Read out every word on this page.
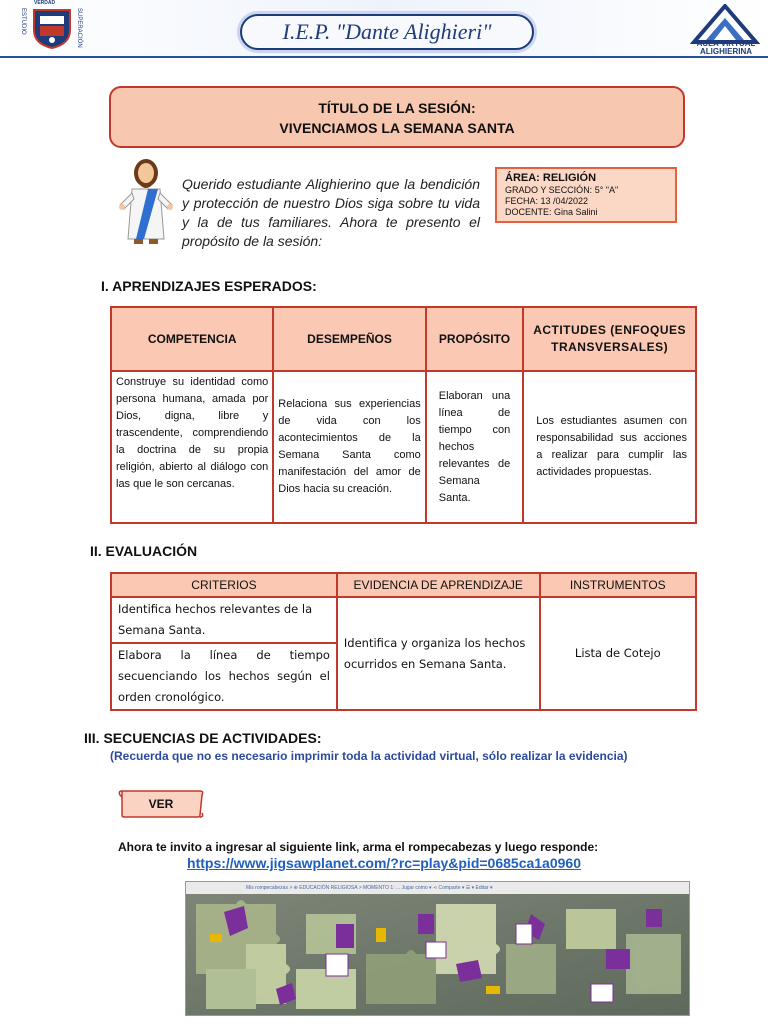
ESTUDIO	SUPERACIÓN
VERDAD
I.E.P. "Dante Alighieri"	AULA VIRTUAL
ALIGHIERINA
TÍTULO DE LA SESIÓN:
VIVENCIAMOS LA SEMANA SANTA
Querido estudiante Alighierino que la bendición y protección de nuestro Dios siga sobre tu vida y la de tus familiares. Ahora te presento el propósito de la sesión:
ÁREA: RELIGIÓN
GRADO Y SECCIÓN: 5° "A"
FECHA: 13 /04/2022
DOCENTE: Gina Salini
I. APRENDIZAJES ESPERADOS:
COMPETENCIA	DESEMPEÑOS	PROPÓSITO	ACTITUDES (ENFOQUES TRANSVERSALES)
Construye su identidad como persona humana, amada por Dios, digna, libre y trascendente, comprendiendo la doctrina de su propia religión, abierto al diálogo con las que le son cercanas.	Relaciona sus experiencias de vida con los acontecimientos de la Semana Santa como manifestación del amor de Dios hacia su creación.	Elaboran una línea de tiempo con hechos relevantes de Semana Santa.	Los estudiantes asumen con responsabilidad sus acciones a realizar para cumplir las actividades propuestas.
II. EVALUACIÓN
CRITERIOS	EVIDENCIA DE APRENDIZAJE	INSTRUMENTOS
Identifica hechos relevantes de la Semana Santa.	Identifica y organiza los hechos ocurridos en Semana Santa.	Lista de Cotejo
Elabora la línea de tiempo secuenciando los hechos según el orden cronológico.		
III. SECUENCIAS DE ACTIVIDADES:
(Recuerda que no es necesario imprimir toda la actividad virtual, sólo realizar la evidencia)
VER
Ahora te invito a ingresar al siguiente link, arma el rompecabezas y luego responde:
https://www.jigsawplanet.com/?rc=play&pid=0685ca1a0960
Mis rompecabezas > ⊕ EDUCACIÓN RELIGIOSA > MOMENTO 1: ... Jugar como ▾ ⋖ Comparte ▾ ☰ ▾ Editar ▾
